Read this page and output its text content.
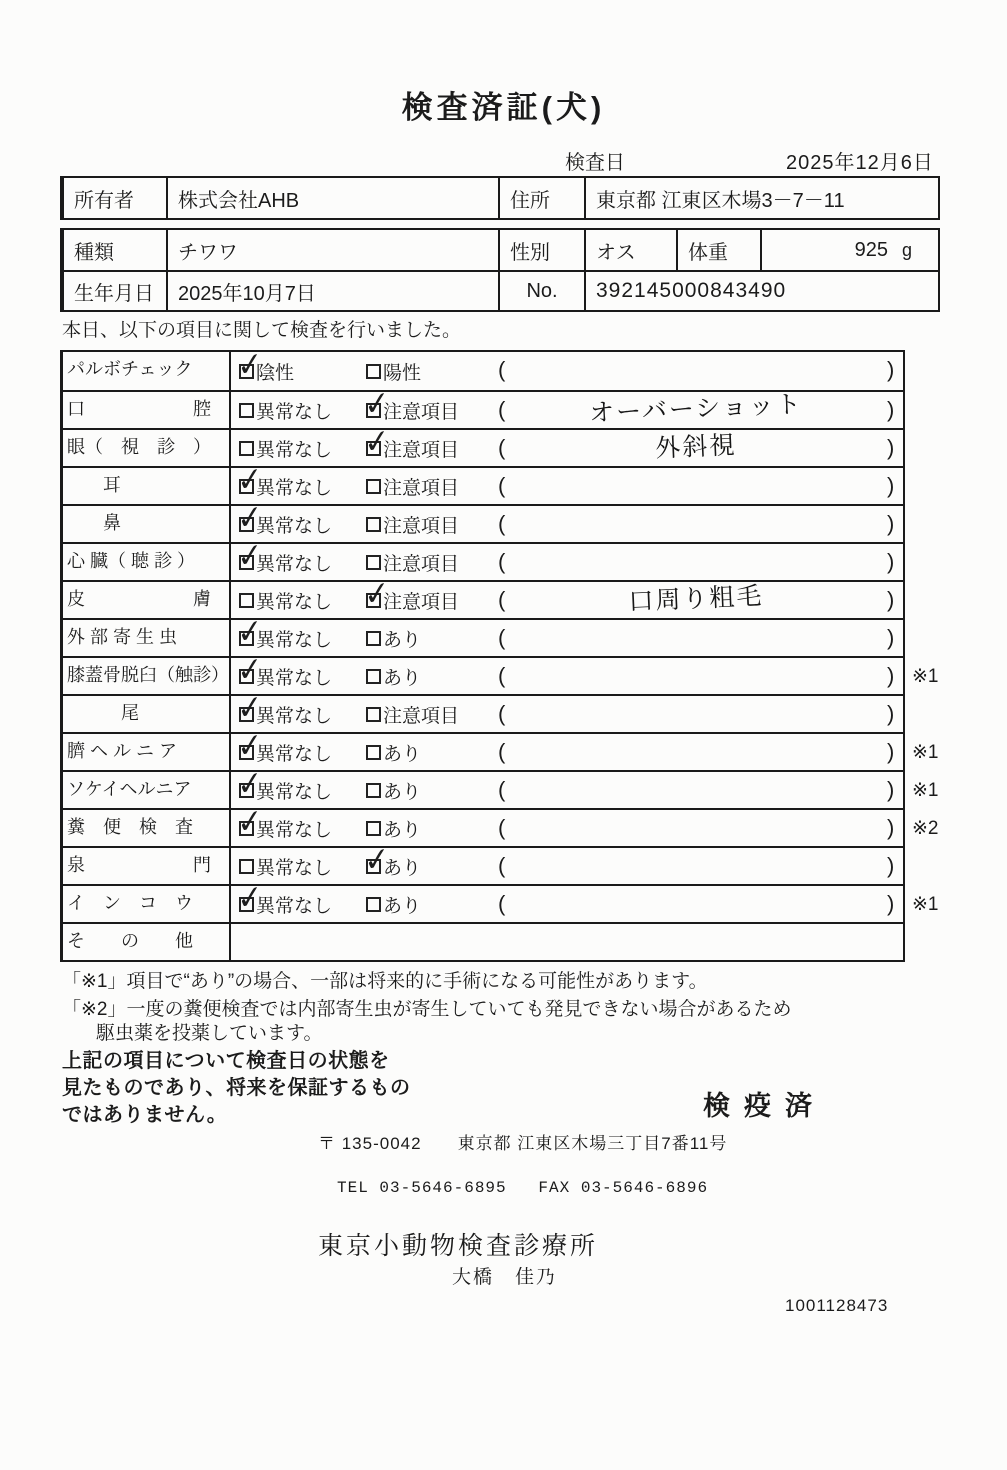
検査済証(犬)
検査日	2025年12月6日
所有者	株式会社AHB	住所	東京都 江東区木場3－7－11
種類	チワワ	性別	オス	体重	925 g
生年月日	2025年10月7日	No.	392145000843490
本日、以下の項目に関して検査を行いました。
パルボチェック ✓	陰性	陽性	(	)
口　　　　　　腔	異常なし ✓	注意項目 (	オーバーショット	)
眼（　視　診　）	異常なし ✓	注意項目 (	外斜視	)
　　耳 ✓	異常なし	注意項目 (	)
　　鼻 ✓	異常なし	注意項目 (	)
心 臓（ 聴 診 ） ✓	異常なし	注意項目 (	)
皮　　　　　　膚	異常なし ✓	注意項目 (	口周り粗毛	)
外 部 寄 生 虫 ✓	異常なし	あり	(	)
膝蓋骨脱臼（触診） ✓ 異常なし	あり	(	) ※1
　　　尾 ✓	異常なし	注意項目 (	)
臍 ヘ ル ニ ア ✓	異常なし	あり	(	) ※1
ソケイヘルニア ✓	異常なし	あり	(	) ※1
糞　便　検　査 ✓	異常なし	あり	(	) ※2
泉　　　　　　門	異常なし ✓	あり	(	)
イ　ン　コ　ウ ✓	異常なし	あり	(	) ※1
そ　　の　　他
「※1」項目で“あり”の場合、一部は将来的に手術になる可能性があります。
「※2」一度の糞便検査では内部寄生虫が寄生していても発見できない場合があるため
駆虫薬を投薬しています。
上記の項目について検査日の状態を
見たものであり、将来を保証するもの
ではありません。	検疫済
〒 135-0042　　東京都 江東区木場三丁目7番11号
TEL 03-5646-6895   FAX 03-5646-6896
東京小動物検査診療所
大橋　佳乃
1001128473
